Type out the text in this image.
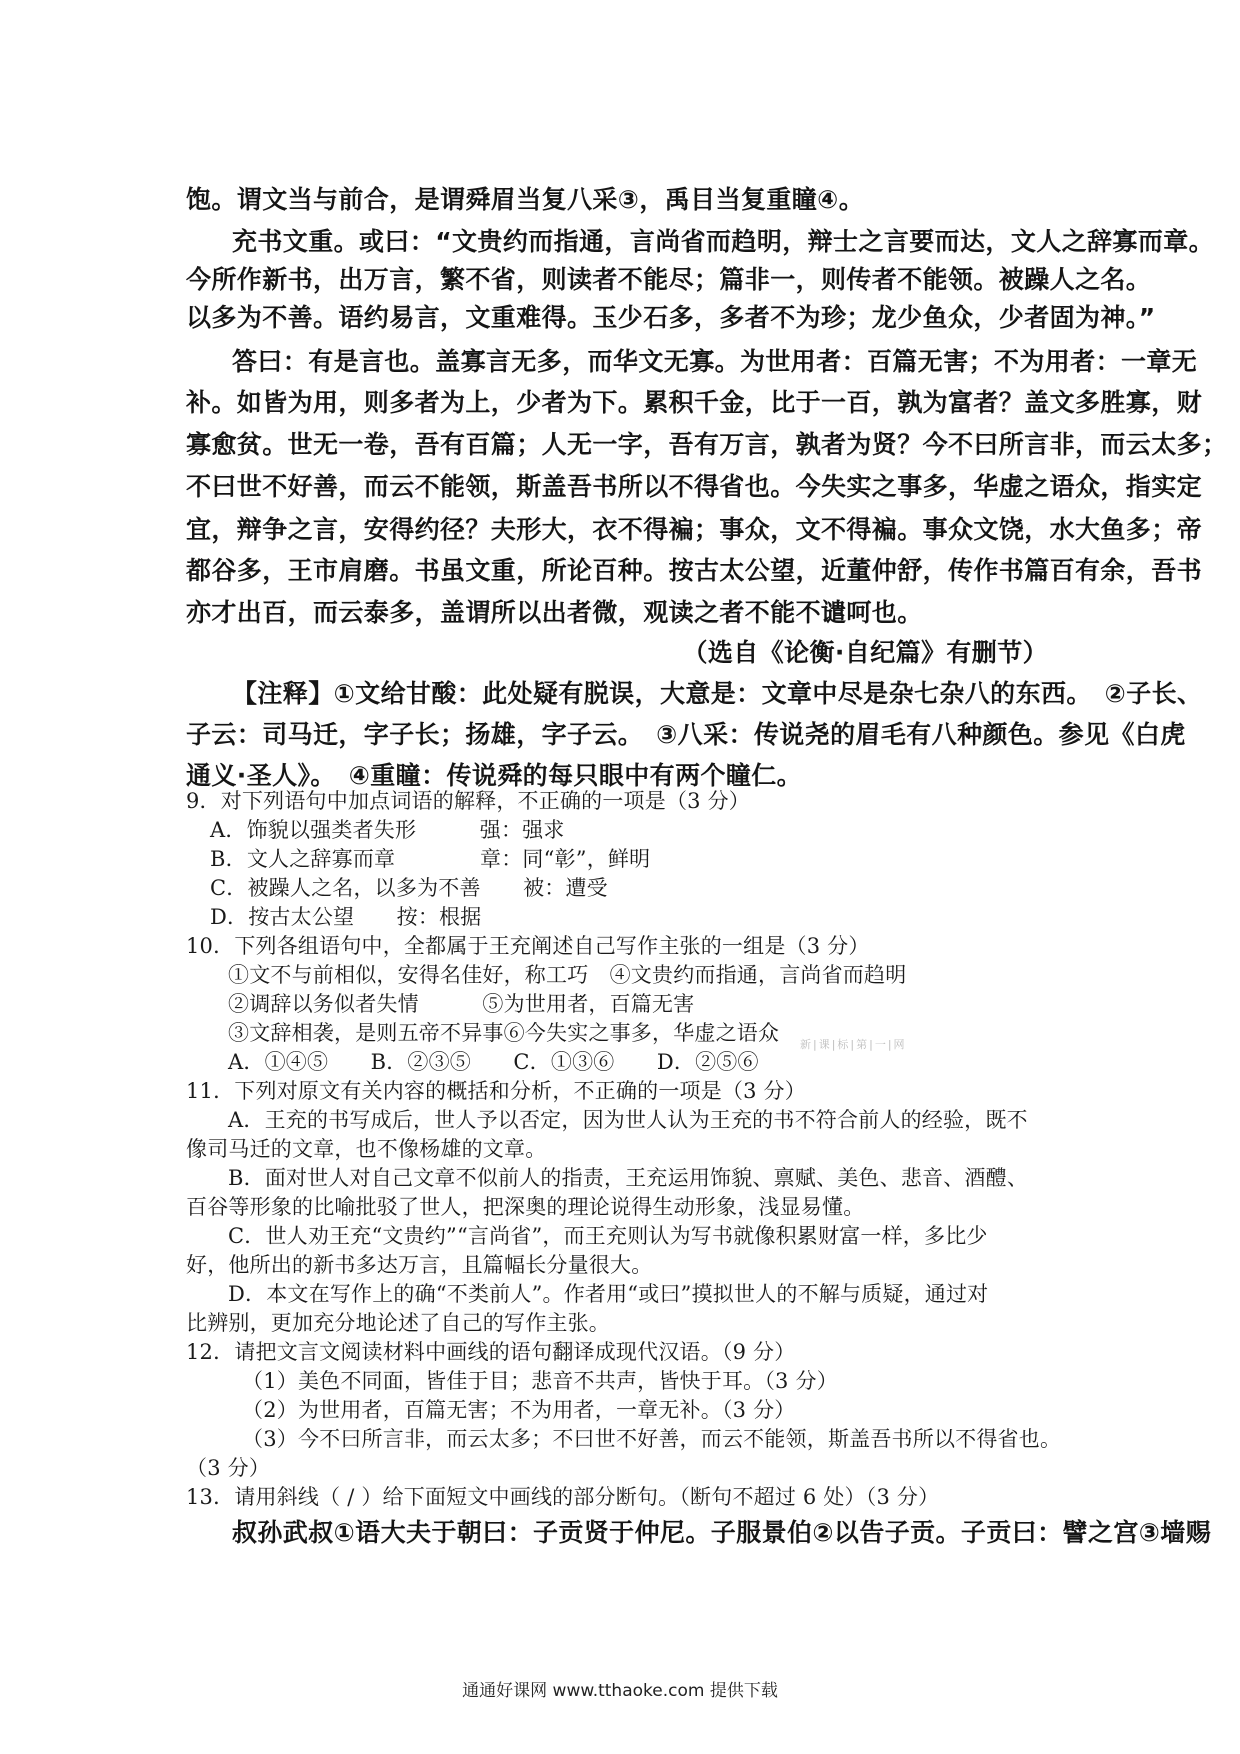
饱。谓文当与前合，是谓舜眉当复八采③，禹目当复重瞳④。
充书文重。或曰：“文贵约而指通，言尚省而趋明，辩士之言要而达，文人之辞寡而章。
今所作新书，出万言，繁不省，则读者不能尽；篇非一，则传者不能领。被躁人之名。
以多为不善。语约易言，文重难得。玉少石多，多者不为珍；龙少鱼众，少者固为神。”
答曰：有是言也。盖寡言无多，而华文无寡。为世用者：百篇无害；不为用者：一章无
补。如皆为用，则多者为上，少者为下。累积千金，比于一百，孰为富者？盖文多胜寡，财
寡愈贫。世无一卷，吾有百篇；人无一字，吾有万言，孰者为贤？今不曰所言非，而云太多；
不曰世不好善，而云不能领，斯盖吾书所以不得省也。今失实之事多，华虚之语众，指实定
宜，辩争之言，安得约径？夫形大，衣不得褊；事众，文不得褊。事众文饶，水大鱼多；帝
都谷多，王市肩磨。书虽文重，所论百种。按古太公望，近董仲舒，传作书篇百有余，吾书
亦才出百，而云泰多，盖谓所以出者微，观读之者不能不谴呵也。
（选自《论衡·自纪篇》有删节）
【注释】①文给甘酸：此处疑有脱误，大意是：文章中尽是杂七杂八的东西。　②子长、
子云：司马迁，字子长；扬雄，字子云。　③八采：传说尧的眉毛有八种颜色。参见《白虎
通义·圣人》。　④重瞳：传说舜的每只眼中有两个瞳仁。
9．对下列语句中加点词语的解释，不正确的一项是（3 分）
A．饰貌以强类者失形　　　强：强求
B．文人之辞寡而章　　　　章：同“彰”，鲜明
C．被躁人之名，以多为不善　　被：遭受
D．按古太公望　　按：根据
10．下列各组语句中，全都属于王充阐述自己写作主张的一组是（3 分）
①文不与前相似，安得名佳好，称工巧　④文贵约而指通，言尚省而趋明
②调辞以务似者失情　　　⑤为世用者，百篇无害
③文辞相袭，是则五帝不异事⑥今失实之事多，华虚之语众
A．①④⑤　　B．②③⑤　　C．①③⑥　　D．②⑤⑥
11．下列对原文有关内容的概括和分析，不正确的一项是（3 分）
A．王充的书写成后，世人予以否定，因为世人认为王充的书不符合前人的经验，既不
像司马迁的文章，也不像杨雄的文章。
B．面对世人对自己文章不似前人的指责，王充运用饰貌、禀赋、美色、悲音、酒醴、
百谷等形象的比喻批驳了世人，把深奥的理论说得生动形象，浅显易懂。
C．世人劝王充“文贵约”“言尚省”，而王充则认为写书就像积累财富一样，多比少
好，他所出的新书多达万言，且篇幅长分量很大。
D．本文在写作上的确“不类前人”。作者用“或曰”摸拟世人的不解与质疑，通过对
比辨别，更加充分地论述了自己的写作主张。
12．请把文言文阅读材料中画线的语句翻译成现代汉语。（9 分）
（1）美色不同面，皆佳于目；悲音不共声，皆快于耳。（3 分）
（2）为世用者，百篇无害；不为用者，一章无补。（3 分）
（3）今不曰所言非，而云太多；不曰世不好善，而云不能领，斯盖吾书所以不得省也。
（3 分）
13．请用斜线（ / ）给下面短文中画线的部分断句。（断句不超过 6 处）（3 分）
叔孙武叔①语大夫于朝曰：子贡贤于仲尼。子服景伯②以告子贡。子贡曰：譬之宫③墙赐
新|课|标|第|一|网
通通好课网 www.tthaoke.com 提供下载
